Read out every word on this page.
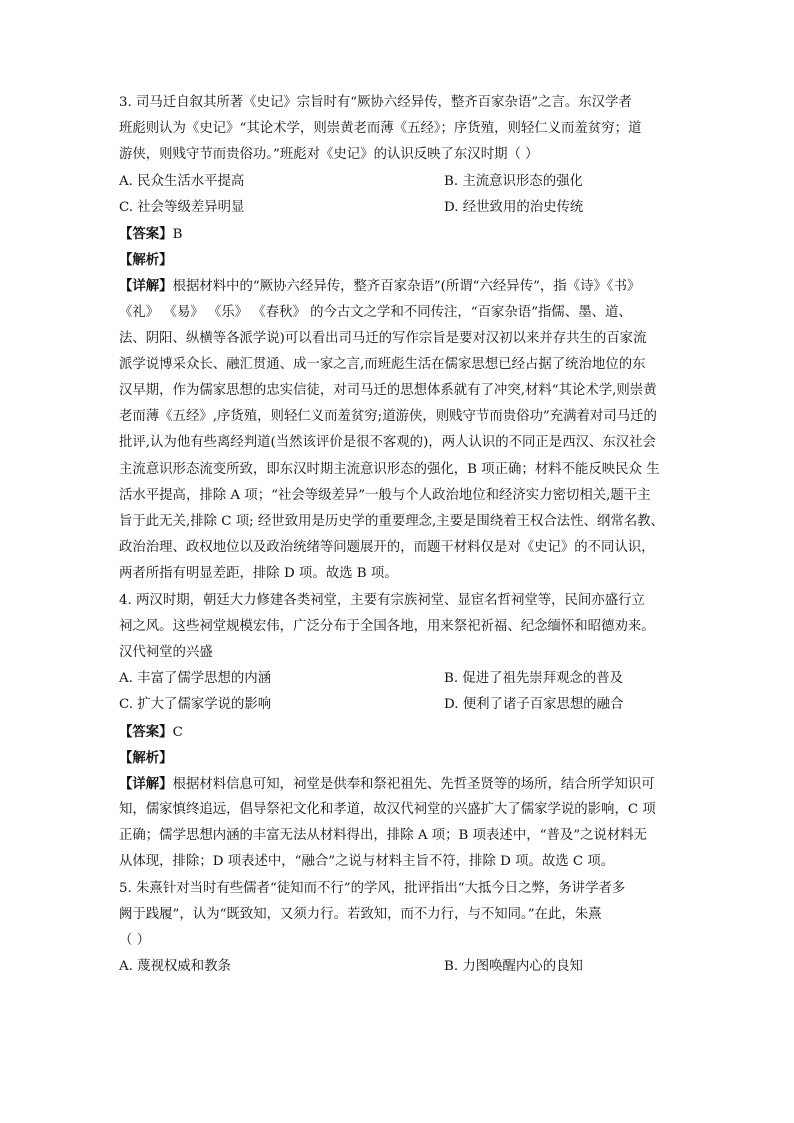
3. 司马迁自叙其所著《史记》宗旨时有“厥协六经异传，整齐百家杂语”之言。东汉学者
班彪则认为《史记》“其论术学，则崇黄老而薄《五经》；序货殖，则轻仁义而羞贫穷；道
游侠，则贱守节而贵俗功。”班彪对《史记》的认识反映了东汉时期（ ）
A. 民众生活水平提高	B. 主流意识形态的强化
C. 社会等级差异明显	D. 经世致用的治史传统
【答案】B
【解析】
【详解】根据材料中的“厥协六经异传，整齐百家杂语”(所谓“六经异传”，指《诗》《书》
《礼》 《易》 《乐》 《春秋》 的今古文之学和不同传注，“百家杂语”指儒、墨、道、
法、阴阳、纵横等各派学说)可以看出司马迁的写作宗旨是要对汉初以来并存共生的百家流
派学说博采众长、融汇贯通、成一家之言,而班彪生活在儒家思想已经占据了统治地位的东
汉早期，作为儒家思想的忠实信徒，对司马迁的思想体系就有了冲突,材料“其论术学,则崇黄
老而薄《五经》,序货殖，则轻仁义而羞贫穷;道游侠，则贱守节而贵俗功”充满着对司马迁的
批评,认为他有些离经判道(当然该评价是很不客观的)，两人认识的不同正是西汉、东汉社会
主流意识形态流变所致，即东汉时期主流意识形态的强化，B 项正确；材料不能反映民众 生
活水平提高，排除 A 项；“社会等级差异”一般与个人政治地位和经济实力密切相关,题干主
旨于此无关,排除 C 项; 经世致用是历史学的重要理念,主要是围绕着王权合法性、纲常名教、
政治治理、政权地位以及政治统绪等问题展开的，而题干材料仅是对《史记》的不同认识，
两者所指有明显差距，排除 D 项。故选 B 项。
4. 两汉时期，朝廷大力修建各类祠堂，主要有宗族祠堂、显宦名哲祠堂等，民间亦盛行立
祠之风。这些祠堂规模宏伟，广泛分布于全国各地，用来祭祀祈福、纪念缅怀和昭德劝来。
汉代祠堂的兴盛
A. 丰富了儒学思想的内涵	B. 促进了祖先崇拜观念的普及
C. 扩大了儒家学说的影响	D. 便利了诸子百家思想的融合
【答案】C
【解析】
【详解】根据材料信息可知，祠堂是供奉和祭祀祖先、先哲圣贤等的场所，结合所学知识可
知，儒家慎终追远，倡导祭祀文化和孝道，故汉代祠堂的兴盛扩大了儒家学说的影响，C 项
正确；儒学思想内涵的丰富无法从材料得出，排除 A 项；B 项表述中，“普及”之说材料无
从体现，排除；D 项表述中，“融合”之说与材料主旨不符，排除 D 项。故选 C 项。
5. 朱熹针对当时有些儒者“徒知而不行”的学风，批评指出“大抵今日之弊，务讲学者多
阙于践履”，认为“既致知，又须力行。若致知，而不力行，与不知同。”在此，朱熹
（ ）
A. 蔑视权威和教条	B. 力图唤醒内心的良知
